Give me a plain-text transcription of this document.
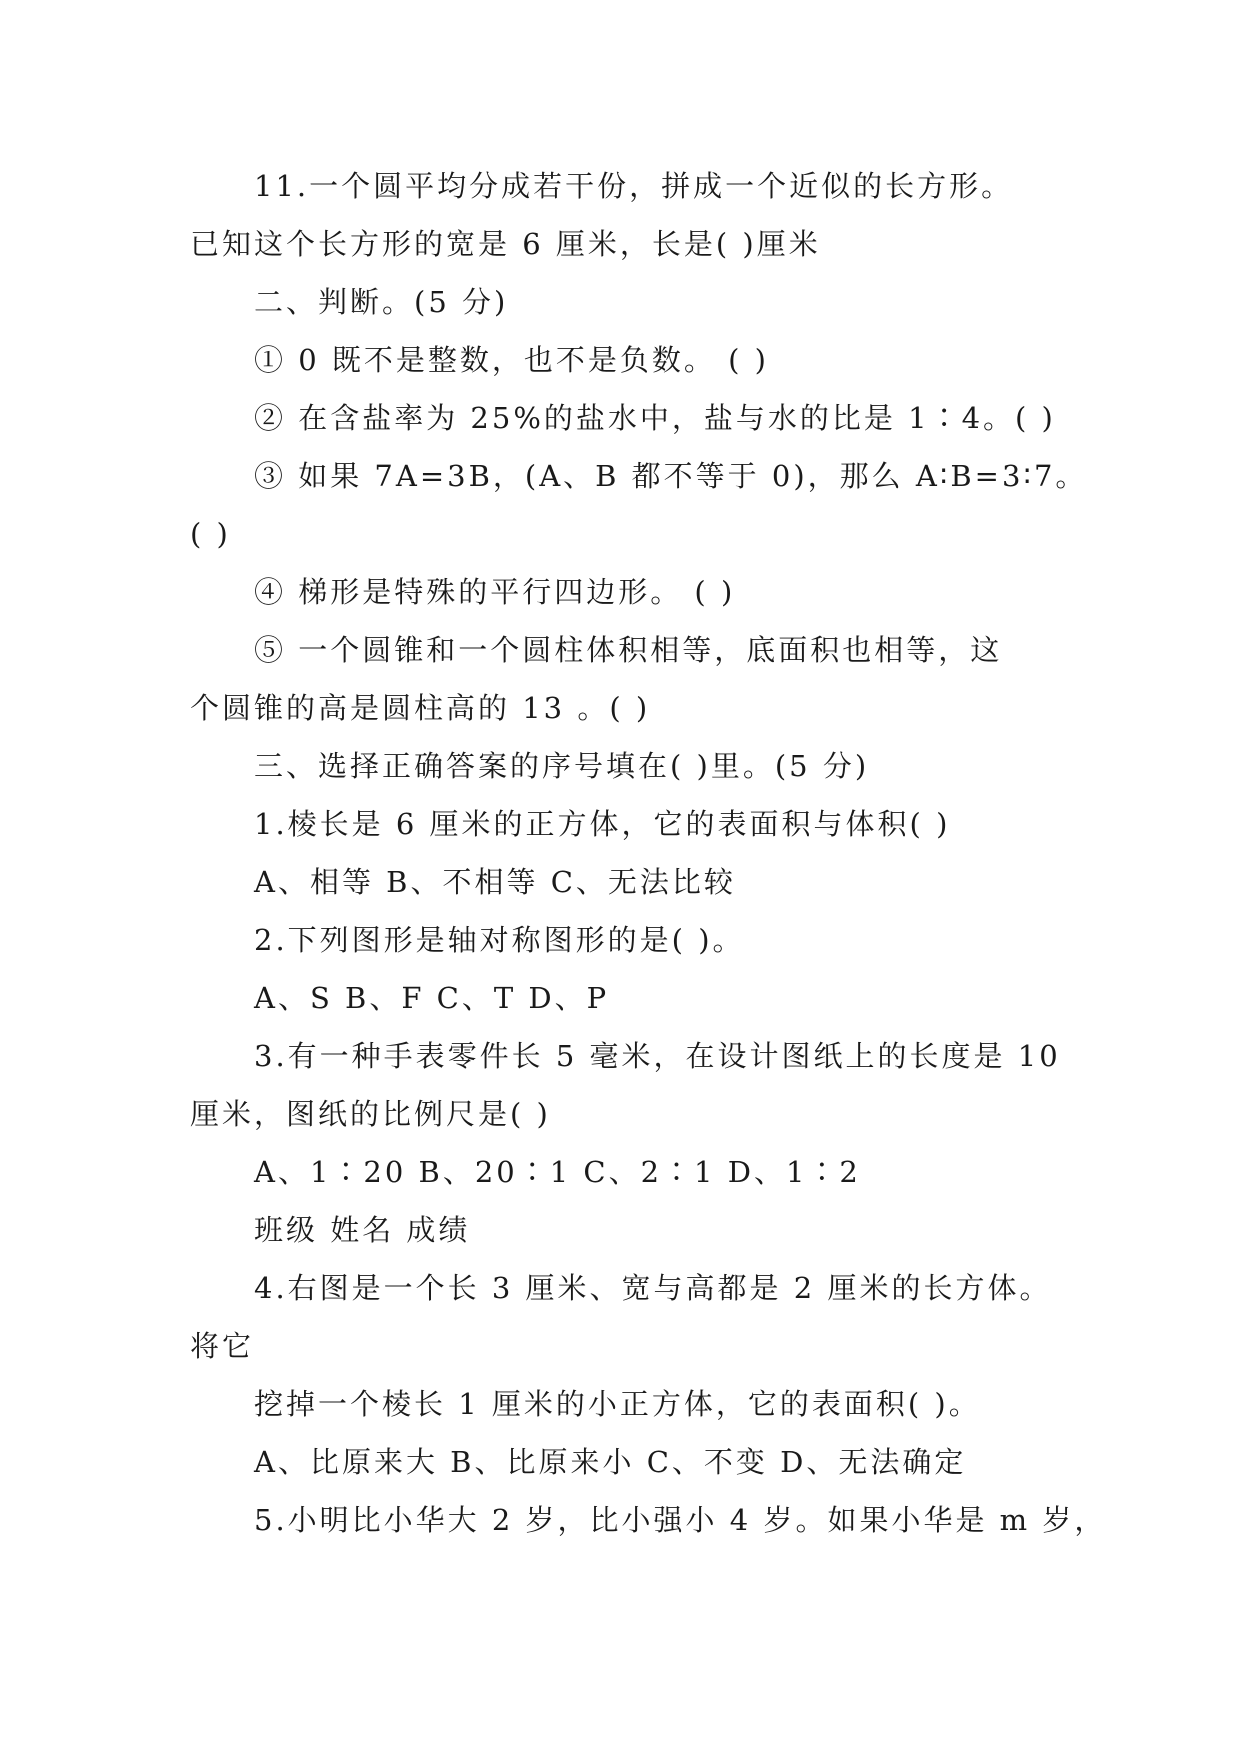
11.一个圆平均分成若干份，拼成一个近似的长方形。
已知这个长方形的宽是 6 厘米，长是( )厘米
二、判断。(5 分)
① 0 既不是整数，也不是负数。 ( )
② 在含盐率为 25%的盐水中，盐与水的比是 1∶4。( )
③ 如果 7A=3B，(A、B 都不等于 0)，那么 A∶B=3∶7。
( )
④ 梯形是特殊的平行四边形。 ( )
⑤ 一个圆锥和一个圆柱体积相等，底面积也相等，这
个圆锥的高是圆柱高的 13 。( )
三、选择正确答案的序号填在( )里。(5 分)
1.棱长是 6 厘米的正方体，它的表面积与体积( )
A、相等 B、不相等 C、无法比较
2.下列图形是轴对称图形的是( )。
A、S B、F C、T D、P
3.有一种手表零件长 5 毫米，在设计图纸上的长度是 10
厘米，图纸的比例尺是( )
A、1∶20 B、20∶1 C、2∶1 D、1∶2
班级 姓名 成绩
4.右图是一个长 3 厘米、宽与高都是 2 厘米的长方体。
将它
挖掉一个棱长 1 厘米的小正方体，它的表面积( )。
A、比原来大 B、比原来小 C、不变 D、无法确定
5.小明比小华大 2 岁，比小强小 4 岁。如果小华是 m 岁，
